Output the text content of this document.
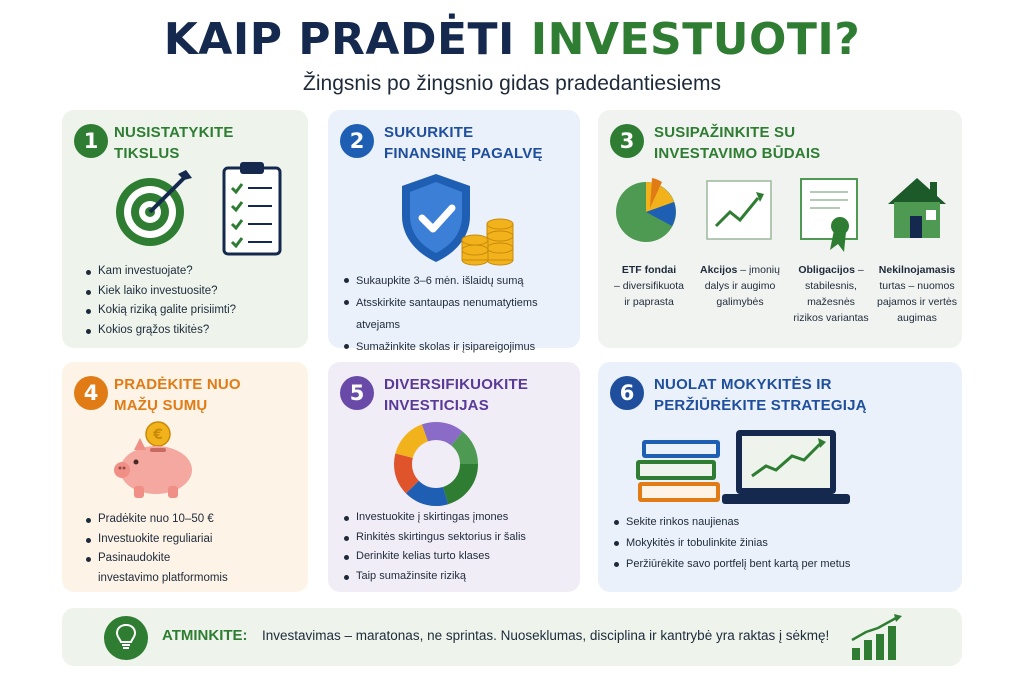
KAIP PRADĖTI INVESTUOTI?
Žingsnis po žingsnio gidas pradedantiesiems
1	NUSISTATYKITE
TIKSLUS
Kam investuojate?
Kiek laiko investuosite?
Kokią riziką galite prisiimti?
Kokios grąžos tikitės?
2	SUKURKITE
FINANSINĘ PAGALVĘ
Sukaupkite 3–6 mėn. išlaidų sumą
Atsskirkite santaupas nenumatytiems atvejams
Sumažinkite skolas ir įsipareigojimus
3	SUSIPAŽINKITE SU
INVESTAVIMO BŪDAIS
ETF fondai
– diversifikuota
ir paprasta
Akcijos – įmonių
dalys ir augimo
galimybės
Obligacijos –
stabilesnis, mažesnės
rizikos variantas
Nekilnojamasis
turtas – nuomos
pajamos ir vertės
augimas
4	PRADĖKITE NUO
MAŽŲ SUMŲ
€
Pradėkite nuo 10–50 €
Investuokite reguliariai
Pasinaudokite investavimo platformomis
5	DIVERSIFIKUOKITE
INVESTICIJAS
Investuokite į skirtingas įmones
Rinkitės skirtingus sektorius ir šalis
Derinkite kelias turto klases
Taip sumažinsite riziką
6	NUOLAT MOKYKITĖS IR
PERŽIŪRĖKITE STRATEGIJĄ
Sekite rinkos naujienas
Mokykitės ir tobulinkite žinias
Peržiūrėkite savo portfelį bent kartą per metus
ATMINKITE: Investavimas – maratonas, ne sprintas. Nuoseklumas, disciplina ir kantrybė yra raktas į sėkmę!
